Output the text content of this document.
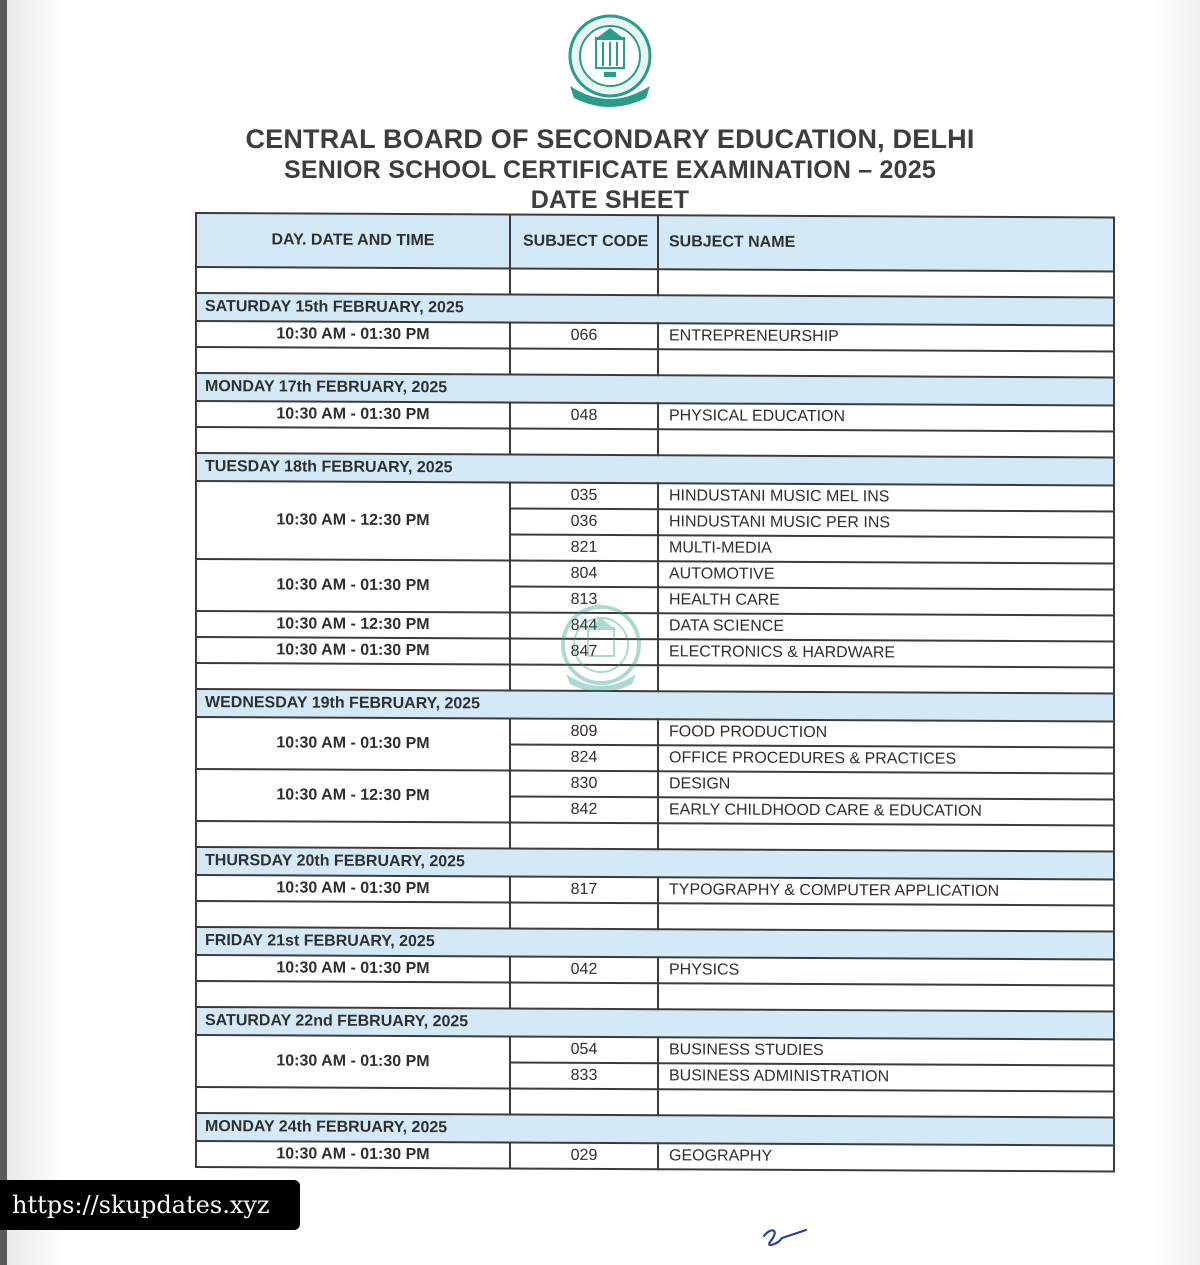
CENTRAL BOARD OF SECONDARY EDUCATION, DELHI
SENIOR SCHOOL CERTIFICATE EXAMINATION – 2025
DATE SHEET
DAY. DATE AND TIME	SUBJECT CODE	SUBJECT NAME

SATURDAY 15th FEBRUARY, 2025		
10:30 AM - 01:30 PM	066	ENTREPRENEURSHIP

MONDAY 17th FEBRUARY, 2025		
10:30 AM - 01:30 PM	048	PHYSICAL EDUCATION

TUESDAY 18th FEBRUARY, 2025		
10:30 AM - 12:30 PM	035	HINDUSTANI MUSIC MEL INS
	036	HINDUSTANI MUSIC PER INS
	821	MULTI-MEDIA
10:30 AM - 01:30 PM	804	AUTOMOTIVE
	813	HEALTH CARE
10:30 AM - 12:30 PM	844	DATA SCIENCE
10:30 AM - 01:30 PM	847	ELECTRONICS & HARDWARE

WEDNESDAY 19th FEBRUARY, 2025		
10:30 AM - 01:30 PM	809	FOOD PRODUCTION
	824	OFFICE PROCEDURES & PRACTICES
10:30 AM - 12:30 PM	830	DESIGN
	842	EARLY CHILDHOOD CARE & EDUCATION

THURSDAY 20th FEBRUARY, 2025		
10:30 AM - 01:30 PM	817	TYPOGRAPHY & COMPUTER APPLICATION

FRIDAY 21st FEBRUARY, 2025		
10:30 AM - 01:30 PM	042	PHYSICS

SATURDAY 22nd FEBRUARY, 2025		
10:30 AM - 01:30 PM	054	BUSINESS STUDIES
	833	BUSINESS ADMINISTRATION

MONDAY 24th FEBRUARY, 2025		
10:30 AM - 01:30 PM	029	GEOGRAPHY
https://skupdates.xyz
